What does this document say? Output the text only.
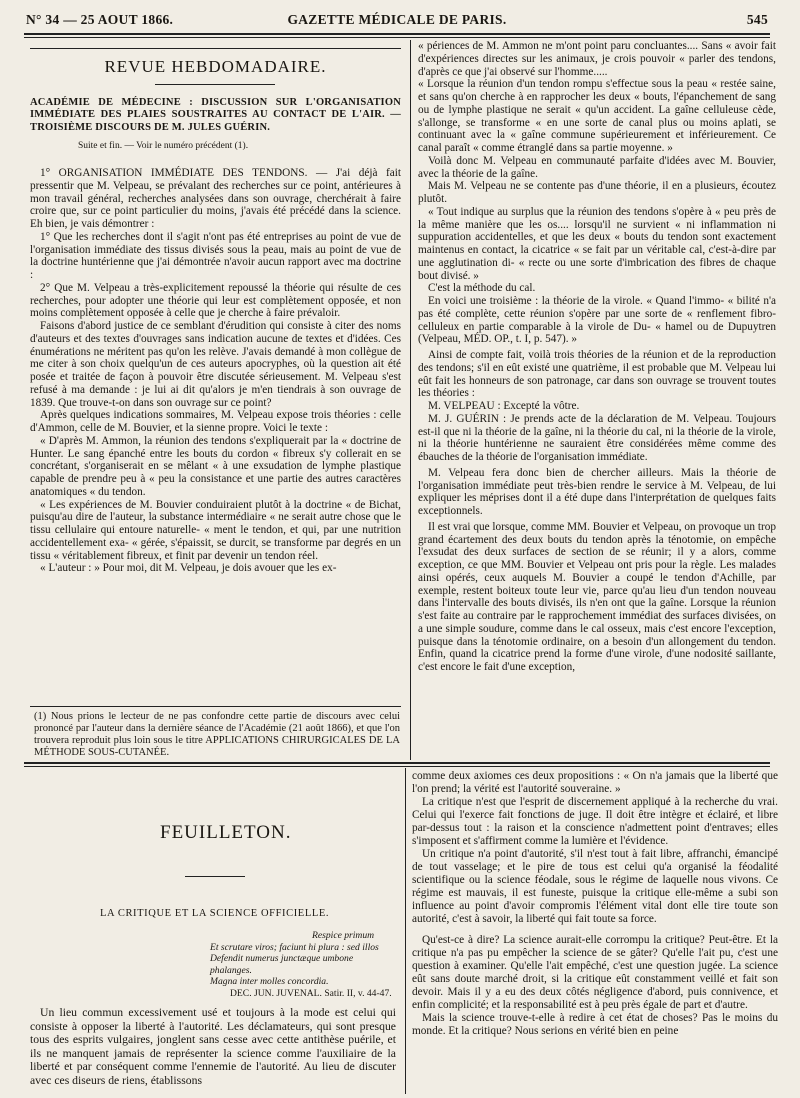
N° 34 — 25 AOUT 1866.	GAZETTE MÉDICALE DE PARIS.	545

REVUE HEBDOMADAIRE.

ACADÉMIE DE MÉDECINE : DISCUSSION SUR L'ORGANISATION IMMÉDIATE DES PLAIES SOUSTRAITES AU CONTACT DE L'AIR. — TROISIÈME DISCOURS DE M. JULES GUÉRIN.

Suite et fin. — Voir le numéro précédent (1).

1° ORGANISATION IMMÉDIATE DES TENDONS. — J'ai déjà fait pressentir que M. Velpeau, se prévalant des recherches sur ce point, antérieures à mon travail général, recherches analysées dans son ouvrage, cherchérait à faire croire que, sur ce point particulier du moins, j'avais été précédé dans la science. Eh bien, je vais démontrer :

1° Que les recherches dont il s'agit n'ont pas été entreprises au point de vue de l'organisation immédiate des tissus divisés sous la peau, mais au point de vue de la doctrine huntérienne que j'ai démontrée n'avoir aucun rapport avec ma doctrine :

2° Que M. Velpeau a très-explicitement repoussé la théorie qui résulte de ces recherches, pour adopter une théorie qui leur est complètement opposée, et non moins complètement opposée à celle que je cherche à faire prévaloir.

Faisons d'abord justice de ce semblant d'érudition qui consiste à citer des noms d'auteurs et des textes d'ouvrages sans indication aucune de textes et d'idées. Ces énumérations ne méritent pas qu'on les relève. J'avais demandé à mon collègue de me citer à son choix quelqu'un de ces auteurs apocryphes, où la question ait été posée et traitée de façon à pouvoir être discutée sérieusement. M. Velpeau s'est refusé à ma demande : je lui ai dit qu'alors je m'en tiendrais à son ouvrage de 1839. Que trouve-t-on dans son ouvrage sur ce point?

Après quelques indications sommaires, M. Velpeau expose trois théories : celle d'Ammon, celle de M. Bouvier, et la sienne propre. Voici le texte :

« D'après M. Ammon, la réunion des tendons s'expliquerait par la « doctrine de Hunter. Le sang épanché entre les bouts du cordon « fibreux s'y collerait en se concrétant, s'organiserait en se mêlant « à une exsudation de lymphe plastique capable de prendre peu à « peu la consistance et une partie des autres caractères anatomiques « du tendon.

« Les expériences de M. Bouvier conduiraient plutôt à la doctrine « de Bichat, puisqu'au dire de l'auteur, la substance intermédiaire « ne serait autre chose que le tissu cellulaire qui entoure naturelle- « ment le tendon, et qui, par une nutrition accidentellement exa- « gérée, s'épaissit, se durcit, se transforme par degrés en un tissu « véritablement fibreux, et finit par devenir un tendon réel.

« L'auteur : » Pour moi, dit M. Velpeau, je dois avouer que les ex-

(1) Nous prions le lecteur de ne pas confondre cette partie de discours avec celui prononcé par l'auteur dans la dernière séance de l'Académie (21 août 1866), et que l'on trouvera reproduit plus loin sous le titre APPLICATIONS CHIRURGICALES DE LA MÉTHODE SOUS-CUTANÉE.

« périences de M. Ammon ne m'ont point paru concluantes.... Sans « avoir fait d'expériences directes sur les animaux, je crois pouvoir « parler des tendons, d'après ce que j'ai observé sur l'homme.....

« Lorsque la réunion d'un tendon rompu s'effectue sous la peau « restée saine, et sans qu'on cherche à en rapprocher les deux « bouts, l'épanchement de sang ou de lymphe plastique ne serait « qu'un accident. La gaîne celluleuse cède, s'allonge, se transforme « en une sorte de canal plus ou moins aplati, se continuant avec la « gaîne commune supérieurement et inférieurement. Ce canal paraît « comme étranglé dans sa partie moyenne. »

Voilà donc M. Velpeau en communauté parfaite d'idées avec M. Bouvier, avec la théorie de la gaîne.

Mais M. Velpeau ne se contente pas d'une théorie, il en a plusieurs, écoutez plutôt.

« Tout indique au surplus que la réunion des tendons s'opère à « peu près de la même manière que les os.... lorsqu'il ne survient « ni inflammation ni suppuration accidentelles, et que les deux « bouts du tendon sont exactement maintenus en contact, la cicatrice « se fait par un véritable cal, c'est-à-dire par une agglutination di- « recte ou une sorte d'imbrication des fibres de chaque bout divisé. »

C'est la méthode du cal.

En voici une troisième : la théorie de la virole. « Quand l'immo- « bilité n'a pas été complète, cette réunion s'opère par une sorte de « renflement fibro-celluleux en partie comparable à la virole de Du- « hamel ou de Dupuytren (Velpeau, MÉD. OP., t. I, p. 547). »

Ainsi de compte fait, voilà trois théories de la réunion et de la reproduction des tendons; s'il en eût existé une quatrième, il est probable que M. Velpeau lui eût fait les honneurs de son patronage, car dans son ouvrage se trouvent toutes les théories :

M. VELPEAU : Excepté la vôtre.

M. J. GUÉRIN : Je prends acte de la déclaration de M. Velpeau. Toujours est-il que ni la théorie de la gaîne, ni la théorie du cal, ni la théorie de la virole, ni la théorie huntérienne ne sauraient être considérées même comme des ébauches de la théorie de l'organisation immédiate.

M. Velpeau fera donc bien de chercher ailleurs. Mais la théorie de l'organisation immédiate peut très-bien rendre le service à M. Velpeau, de lui expliquer les méprises dont il a été dupe dans l'interprétation de quelques faits exceptionnels.

Il est vrai que lorsque, comme MM. Bouvier et Velpeau, on provoque un trop grand écartement des deux bouts du tendon après la ténotomie, on empêche l'exsudat des deux surfaces de section de se réunir; il y a alors, comme exception, ce que MM. Bouvier et Velpeau ont pris pour la règle. Les malades ainsi opérés, ceux auquels M. Bouvier a coupé le tendon d'Achille, par exemple, restent boiteux toute leur vie, parce qu'au lieu d'un tendon nouveau dans l'intervalle des bouts divisés, ils n'en ont que la gaîne. Lorsque la réunion s'est faite au contraire par le rapprochement immédiat des surfaces divisées, on a une simple soudure, comme dans le cal osseux, mais c'est encore l'exception, puisque dans la ténotomie ordinaire, on a besoin d'un allongement du tendon. Enfin, quand la cicatrice prend la forme d'une virole, d'une nodosité saillante, c'est encore le fait d'une exception,

FEUILLETON.
LA CRITIQUE ET LA SCIENCE OFFICIELLE.
Respice primum
Et scrutare viros; faciunt hi plura : sed illos
Defendit numerus junctæque umbone phalanges.
Magna inter molles concordia.
DEC. JUN. JUVENAL. Satir. II, v. 44-47.

Un lieu commun excessivement usé et toujours à la mode est celui qui consiste à opposer la liberté à l'autorité. Les déclamateurs, qui sont presque tous des esprits vulgaires, jonglent sans cesse avec cette antithèse puérile, et ils ne manquent jamais de représenter la science comme l'auxiliaire de la liberté et par conséquent comme l'ennemie de l'autorité. Au lieu de discuter avec ces diseurs de riens, établissons

comme deux axiomes ces deux propositions : « On n'a jamais que la liberté que l'on prend; la vérité est l'autorité souveraine. »

La critique n'est que l'esprit de discernement appliqué à la recherche du vrai. Celui qui l'exerce fait fonctions de juge. Il doit être intègre et éclairé, et libre par-dessus tout : la raison et la conscience n'admettent point d'entraves; elles s'imposent et s'affirment comme la lumière et l'évidence.

Un critique n'a point d'autorité, s'il n'est tout à fait libre, affranchi, émancipé de tout vasselage; et le pire de tous est celui qu'a organisé la féodalité scientifique ou la science féodale, sous le régime de laquelle nous vivons. Ce régime est mauvais, il est funeste, puisque la critique elle-même a subi son influence au point d'avoir compromis l'élément vital dont elle tire toute son autorité, c'est à savoir, la liberté qui fait toute sa force.

Qu'est-ce à dire? La science aurait-elle corrompu la critique? Peut-être. Et la critique n'a pas pu empêcher la science de se gâter? Qu'elle l'ait pu, c'est une question à examiner. Qu'elle l'ait empêché, c'est une question jugée. La science eût sans doute marché droit, si la critique eût constamment veillé et fait son devoir. Mais il y a eu des deux côtés négligence d'abord, puis connivence, et enfin complicité; et la responsabilité est à peu près égale de part et d'autre.

Mais la science trouve-t-elle à redire à cet état de choses? Pas le moins du monde. Et la critique? Nous serions en vérité bien en peine
